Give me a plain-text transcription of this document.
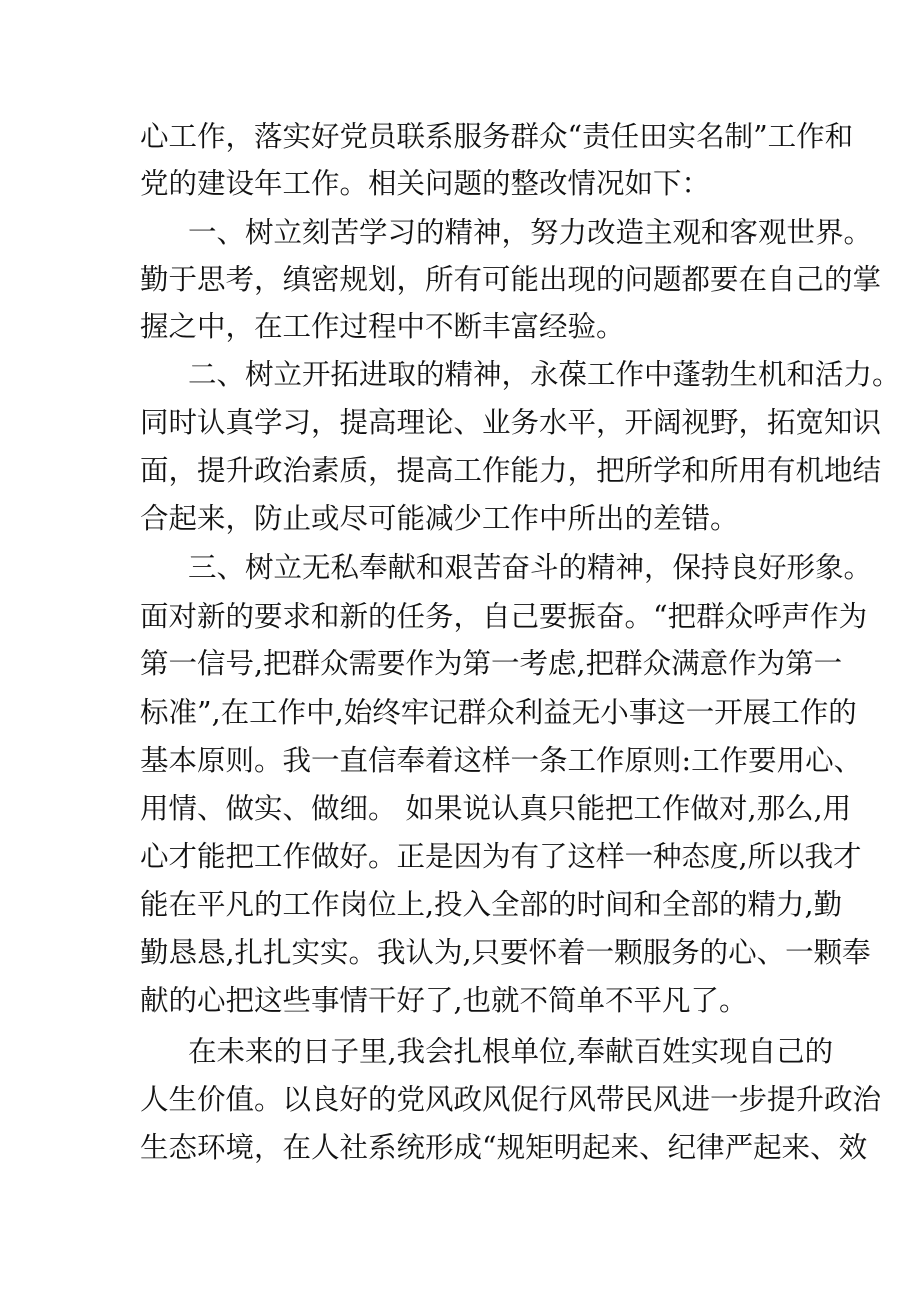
心工作，落实好党员联系服务群众“责任田实名制”工作和
党的建设年工作。相关问题的整改情况如下：
一、树立刻苦学习的精神，努力改造主观和客观世界。
勤于思考，缜密规划，所有可能出现的问题都要在自己的掌
握之中，在工作过程中不断丰富经验。
二、树立开拓进取的精神，永葆工作中蓬勃生机和活力。
同时认真学习，提高理论、业务水平，开阔视野，拓宽知识
面，提升政治素质，提高工作能力，把所学和所用有机地结
合起来，防止或尽可能减少工作中所出的差错。
三、树立无私奉献和艰苦奋斗的精神，保持良好形象。
面对新的要求和新的任务，自己要振奋。“把群众呼声作为
第一信号,把群众需要作为第一考虑,把群众满意作为第一
标准”,在工作中,始终牢记群众利益无小事这一开展工作的
基本原则。我一直信奉着这样一条工作原则:工作要用心、
用情、做实、做细。 如果说认真只能把工作做对,那么,用
心才能把工作做好。正是因为有了这样一种态度,所以我才
能在平凡的工作岗位上,投入全部的时间和全部的精力,勤
勤恳恳,扎扎实实。我认为,只要怀着一颗服务的心、一颗奉
献的心把这些事情干好了,也就不简单不平凡了。
在未来的日子里,我会扎根单位,奉献百姓实现自己的
人生价值。以良好的党风政风促行风带民风进一步提升政治
生态环境，在人社系统形成“规矩明起来、纪律严起来、效
